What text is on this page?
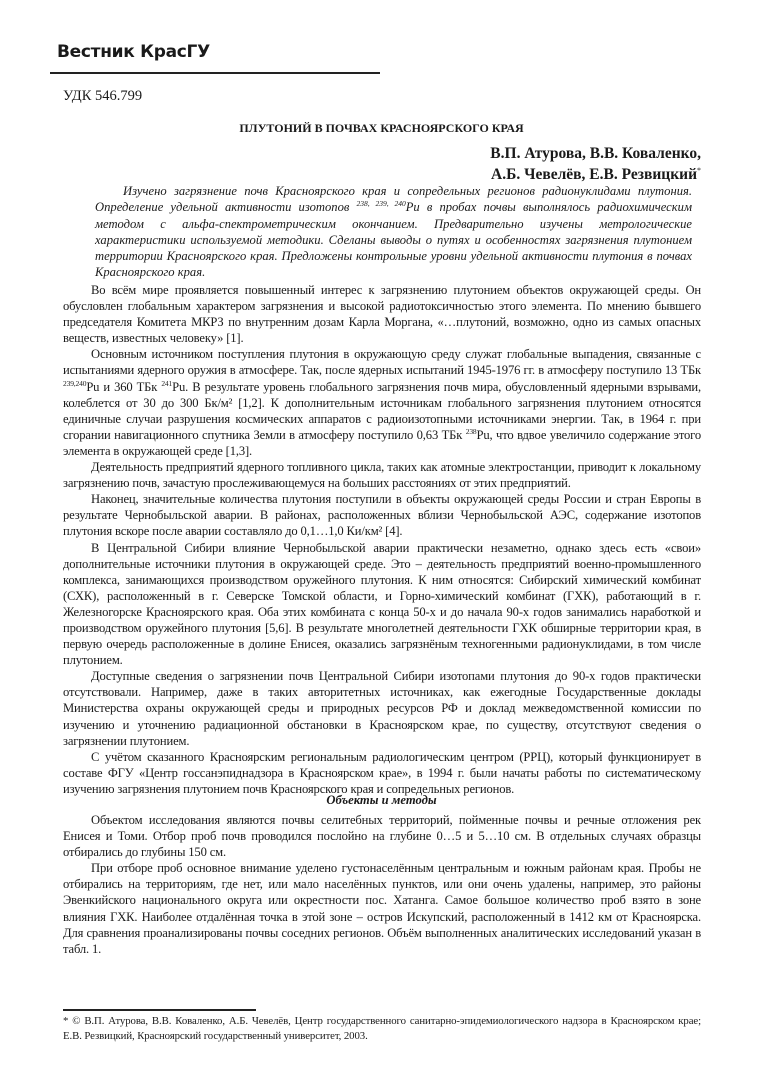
Вестник КрасГУ
УДК 546.799
ПЛУТОНИЙ В ПОЧВАХ КРАСНОЯРСКОГО КРАЯ
В.П. Атурова, В.В. Коваленко,
А.Б. Чевелёв, Е.В. Резвицкий*
Изучено загрязнение почв Красноярского края и сопредельных регионов радионуклидами плутония. Определение удельной активности изотопов $^{238, 239, 240}$Pu в пробах почвы выполнялось радиохимическим методом с альфа-спектрометрическим окончанием. Предварительно изучены метрологические характеристики используемой методики. Сделаны выводы о путях и особенностях загрязнения плутонием территории Красноярского края. Предложены контрольные уровни удельной активности плутония в почвах Красноярского края.

Во всём мире проявляется повышенный интерес к загрязнению плутонием объектов окружающей среды. Он обусловлен глобальным характером загрязнения и высокой радиотоксичностью этого элемента. По мнению бывшего председателя Комитета МКРЗ по внутренним дозам Карла Моргана, «…плутоний, возможно, одно из самых опасных веществ, известных человеку» [1].

Основным источником поступления плутония в окружающую среду служат глобальные выпадения, связанные с испытаниями ядерного оружия в атмосфере. Так, после ядерных испытаний 1945-1976 гг. в атмосферу поступило 13 ТБк $^{239,240}$Pu и 360 ТБк $^{241}$Pu. В результате уровень глобального загрязнения почв мира, обусловленный ядерными взрывами, колеблется от 30 до 300 Бк/м² [1,2]. К дополнительным источникам глобального загрязнения плутонием относятся единичные случаи разрушения космических аппаратов с радиоизотопными источниками энергии. Так, в 1964 г. при сгорании навигационного спутника Земли в атмосферу поступило 0,63 ТБк $^{238}$Pu, что вдвое увеличило содержание этого элемента в окружающей среде [1,3].

Деятельность предприятий ядерного топливного цикла, таких как атомные электростанции, приводит к локальному загрязнению почв, зачастую прослеживающемуся на больших расстояниях от этих предприятий.

Наконец, значительные количества плутония поступили в объекты окружающей среды России и стран Европы в результате Чернобыльской аварии. В районах, расположенных вблизи Чернобыльской АЭС, содержание изотопов плутония вскоре после аварии составляло до 0,1…1,0 Ки/км² [4].

В Центральной Сибири влияние Чернобыльской аварии практически незаметно, однако здесь есть «свои» дополнительные источники плутония в окружающей среде. Это – деятельность предприятий военно-промышленного комплекса, занимающихся производством оружейного плутония. К ним относятся: Сибирский химический комбинат (СХК), расположенный в г. Северске Томской области, и Горно-химический комбинат (ГХК), работающий в г. Железногорске Красноярского края. Оба этих комбината с конца 50-х и до начала 90-х годов занимались наработкой и производством оружейного плутония [5,6]. В результате многолетней деятельности ГХК обширные территории края, в первую очередь расположенные в долине Енисея, оказались загрязнёным техногенными радионуклидами, в том числе плутонием.

Доступные сведения о загрязнении почв Центральной Сибири изотопами плутония до 90-х годов практически отсутствовали. Например, даже в таких авторитетных источниках, как ежегодные Государственные доклады Министерства охраны окружающей среды и природных ресурсов РФ и доклад межведомственной комиссии по изучению и уточнению радиационной обстановки в Красноярском крае, по существу, отсутствуют сведения о загрязнении плутонием.

С учётом сказанного Красноярским региональным радиологическим центром (РРЦ), который функционирует в составе ФГУ «Центр госсанэпиднадзора в Красноярском крае», в 1994 г. были начаты работы по систематическому изучению загрязнения плутонием почв Красноярского края и сопредельных регионов.

Объекты и методы

Объектом исследования являются почвы селитебных территорий, пойменные почвы и речные отложения рек Енисея и Томи. Отбор проб почв проводился послойно на глубине 0…5 и 5…10 см. В отдельных случаях образцы отбирались до глубины 150 см.

При отборе проб основное внимание уделено густонаселённым центральным и южным районам края. Пробы не отбирались на территориям, где нет, или мало населённых пунктов, или они очень удалены, например, это районы Эвенкийского национального округа или окрестности пос. Хатанга. Самое большое количество проб взято в зоне влияния ГХК. Наиболее отдалённая точка в этой зоне – остров Искупский, расположенный в 1412 км от Красноярска. Для сравнения проанализированы почвы соседних регионов. Объём выполненных аналитических исследований указан в табл. 1.

* © В.П. Атурова, В.В. Коваленко, А.Б. Чевелёв, Центр государственного санитарно-эпидемиологического надзора в Красноярском крае; Е.В. Резвицкий, Красноярский государственный университет, 2003.
